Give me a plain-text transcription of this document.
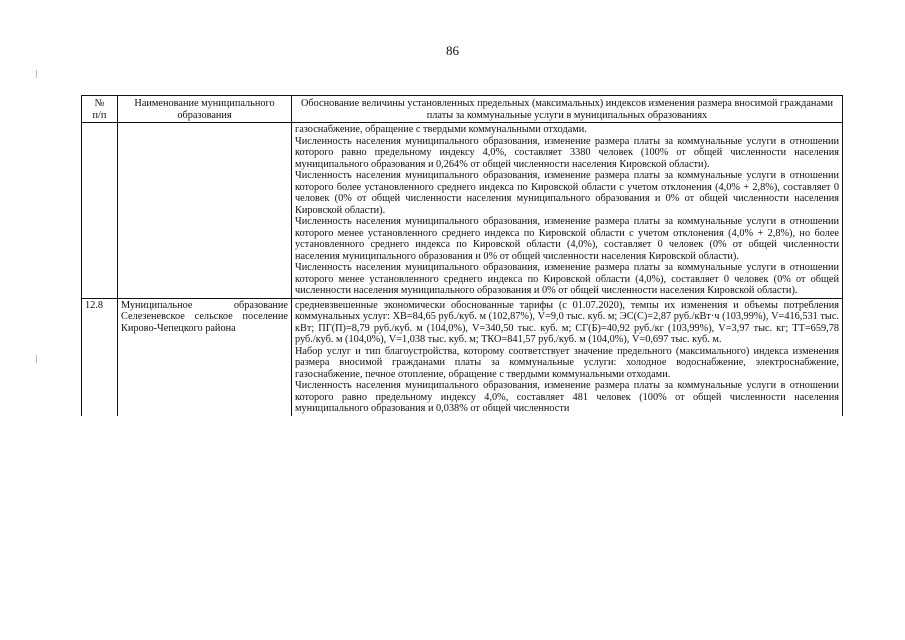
86
№
п/п	Наименование муниципального образования	Обоснование величины установленных предельных (максимальных) индексов изменения размера вносимой гражданами платы за коммунальные услуги в муниципальных образованиях

		газоснабжение, обращение с твердыми коммунальными отходами.

Численность населения муниципального образования, изменение размера платы за коммунальные услуги в отношении которого равно предельному индексу 4,0%, составляет 3380 человек (100% от общей численности населения муниципального образования и 0,264% от общей численности населения Кировской области).

Численность населения муниципального образования, изменение размера платы за коммунальные услуги в отношении которого более установленного среднего индекса по Кировской области с учетом отклонения (4,0% + 2,8%), составляет 0 человек (0% от общей численности населения муниципального образования и 0% от общей численности населения Кировской области).

Численность населения муниципального образования, изменение размера платы за коммунальные услуги в отношении которого менее установленного среднего индекса по Кировской области с учетом отклонения (4,0% + 2,8%), но более установленного среднего индекса по Кировской области (4,0%), составляет 0 человек (0% от общей численности населения муниципального образования и 0% от общей численности населения Кировской области).

Численность населения муниципального образования, изменение размера платы за коммунальные услуги в отношении которого менее установленного среднего индекса по Кировской области (4,0%), составляет 0 человек (0% от общей численности населения муниципального образования и 0% от общей численности населения Кировской области).

12.8	Муниципальное образование Селезеневское сельское поселение Кирово-Чепецкого района	средневзвешенные экономически обоснованные тарифы (с 01.07.2020), темпы их изменения и объемы потребления коммунальных услуг: ХВ=84,65 руб./куб. м (102,87%), V=9,0 тыс. куб. м; ЭС(С)=2,87 руб./кВт·ч (103,99%), V=416,531 тыс. кВт; ПГ(П)=8,79 руб./куб. м (104,0%), V=340,50 тыс. куб. м; СГ(Б)=40,92 руб./кг (103,99%), V=3,97 тыс. кг; ТТ=659,78 руб./куб. м (104,0%), V=1,038 тыс. куб. м; ТКО=841,57 руб./куб. м (104,0%), V=0,697 тыс. куб. м.

Набор услуг и тип благоустройства, которому соответствует значение предельного (максимального) индекса изменения размера вносимой гражданами платы за коммунальные услуги: холодное водоснабжение, электроснабжение, газоснабжение, печное отопление, обращение с твердыми коммунальными отходами.

Численность населения муниципального образования, изменение размера платы за коммунальные услуги в отношении которого равно предельному индексу 4,0%, составляет 481 человек (100% от общей численности населения муниципального образования и 0,038% от общей численности
